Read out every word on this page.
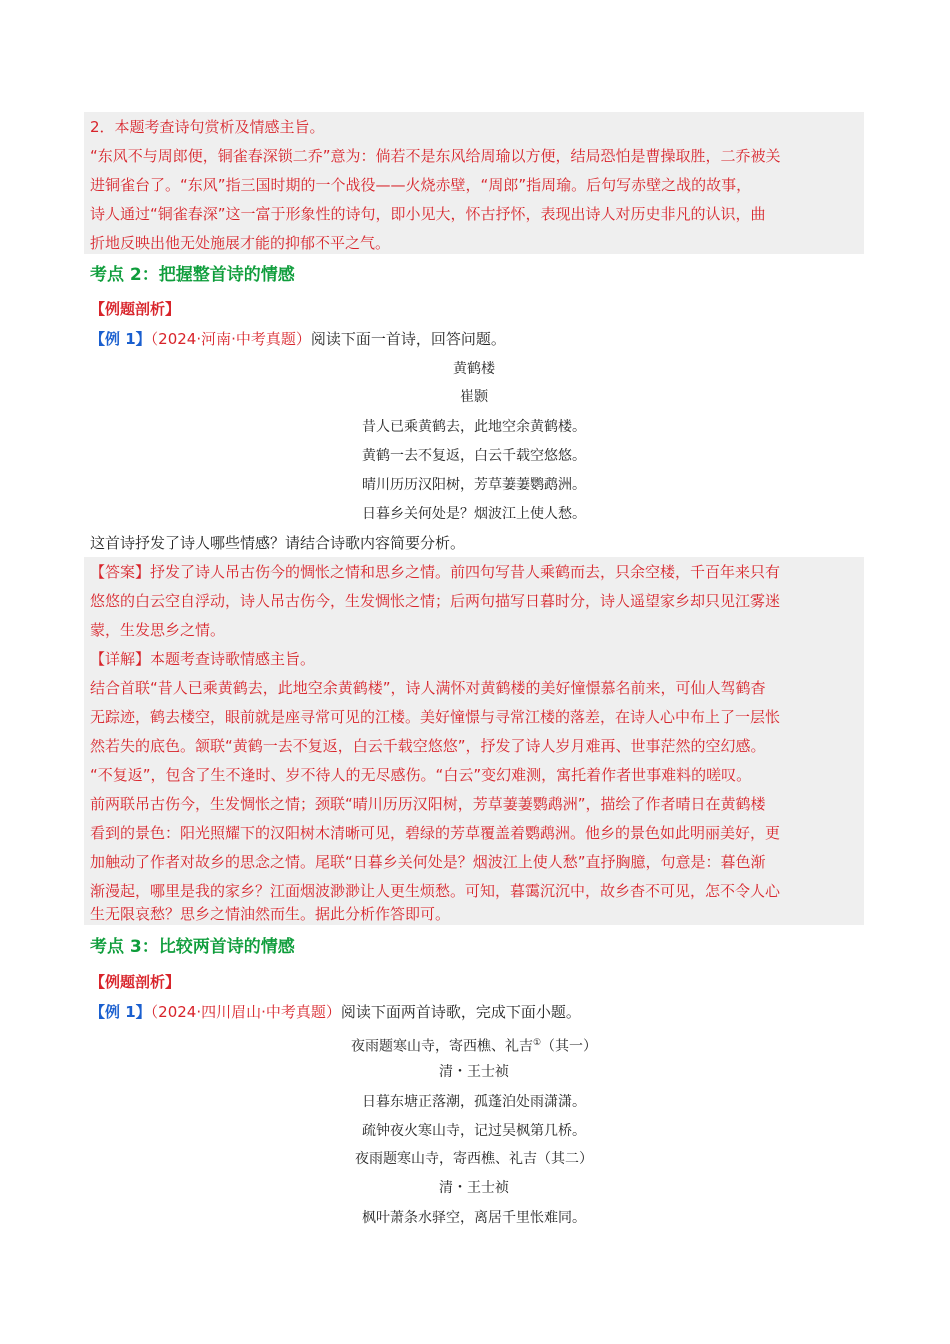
2．本题考查诗句赏析及情感主旨。
“东风不与周郎便，铜雀春深锁二乔”意为：倘若不是东风给周瑜以方便，结局恐怕是曹操取胜，二乔被关
进铜雀台了。“东风”指三国时期的一个战役——火烧赤壁，“周郎”指周瑜。后句写赤壁之战的故事，
诗人通过“铜雀春深”这一富于形象性的诗句，即小见大，怀古抒怀，表现出诗人对历史非凡的认识，曲
折地反映出他无处施展才能的抑郁不平之气。
考点 2：把握整首诗的情感
【例题剖析】
【例 1】（2024·河南·中考真题）阅读下面一首诗，回答问题。
黄鹤楼
崔颢
昔人已乘黄鹤去，此地空余黄鹤楼。
黄鹤一去不复返，白云千载空悠悠。
晴川历历汉阳树，芳草萋萋鹦鹉洲。
日暮乡关何处是？烟波江上使人愁。
这首诗抒发了诗人哪些情感？请结合诗歌内容简要分析。
【答案】抒发了诗人吊古伤今的惆怅之情和思乡之情。前四句写昔人乘鹤而去，只余空楼，千百年来只有
悠悠的白云空自浮动，诗人吊古伤今，生发惆怅之情；后两句描写日暮时分，诗人遥望家乡却只见江雾迷
蒙，生发思乡之情。
【详解】本题考查诗歌情感主旨。
结合首联“昔人已乘黄鹤去，此地空余黄鹤楼”，诗人满怀对黄鹤楼的美好憧憬慕名前来，可仙人驾鹤杳
无踪迹，鹤去楼空，眼前就是座寻常可见的江楼。美好憧憬与寻常江楼的落差，在诗人心中布上了一层怅
然若失的底色。颔联“黄鹤一去不复返，白云千载空悠悠”，抒发了诗人岁月难再、世事茫然的空幻感。
“不复返”，包含了生不逢时、岁不待人的无尽感伤。“白云”变幻难测，寓托着作者世事难料的嗟叹。
前两联吊古伤今，生发惆怅之情；颈联“晴川历历汉阳树，芳草萋萋鹦鹉洲”，描绘了作者晴日在黄鹤楼
看到的景色：阳光照耀下的汉阳树木清晰可见，碧绿的芳草覆盖着鹦鹉洲。他乡的景色如此明丽美好，更
加触动了作者对故乡的思念之情。尾联“日暮乡关何处是？烟波江上使人愁”直抒胸臆，句意是：暮色渐
渐漫起，哪里是我的家乡？江面烟波渺渺让人更生烦愁。可知，暮霭沉沉中，故乡杳不可见，怎不令人心
生无限哀愁？思乡之情油然而生。据此分析作答即可。
考点 3：比较两首诗的情感
【例题剖析】
【例 1】（2024·四川眉山·中考真题）阅读下面两首诗歌，完成下面小题。
夜雨题寒山寺，寄西樵、礼吉①（其一）
清・王士祯
日暮东塘正落潮，孤蓬泊处雨潇潇。
疏钟夜火寒山寺，记过吴枫第几桥。
夜雨题寒山寺，寄西樵、礼吉（其二）
清・王士祯
枫叶萧条水驿空，离居千里怅难同。
